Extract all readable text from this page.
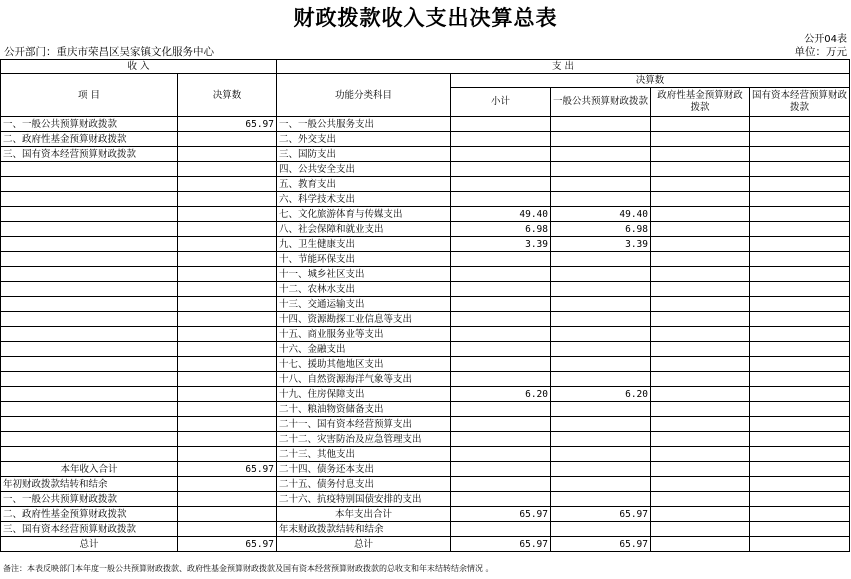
财政拨款收入支出决算总表
公开04表
公开部门：重庆市荣昌区吴家镇文化服务中心	单位：万元
收 入		支 出				
项 目	决算数	功能分类科目	决算数			
			小计	一般公共预算财政拨款	政府性基金预算财政拨款	国有资本经营预算财政拨款
一、一般公共预算财政拨款	65.97	一、一般公共服务支出				
二、政府性基金预算财政拨款		二、外交支出				
三、国有资本经营预算财政拨款		三、国防支出				
		四、公共安全支出				
		五、教育支出				
		六、科学技术支出				
		七、文化旅游体育与传媒支出	49.40	49.40		
		八、社会保障和就业支出	6.98	6.98		
		九、卫生健康支出	3.39	3.39		
		十、节能环保支出				
		十一、城乡社区支出				
		十二、农林水支出				
		十三、交通运输支出				
		十四、资源勘探工业信息等支出				
		十五、商业服务业等支出				
		十六、金融支出				
		十七、援助其他地区支出				
		十八、自然资源海洋气象等支出				
		十九、住房保障支出	6.20	6.20		
		二十、粮油物资储备支出				
		二十一、国有资本经营预算支出				
		二十二、灾害防治及应急管理支出				
		二十三、其他支出				
本年收入合计	65.97	二十四、债务还本支出				
年初财政拨款结转和结余		二十五、债务付息支出				
一、一般公共预算财政拨款		二十六、抗疫特别国债安排的支出				
二、政府性基金预算财政拨款		本年支出合计	65.97	65.97		
三、国有资本经营预算财政拨款		年末财政拨款结转和结余				
总计	65.97	总计	65.97	65.97		
备注：本表反映部门本年度一般公共预算财政拨款、政府性基金预算财政拨款及国有资本经营预算财政拨款的总收支和年末结转结余情况 。
